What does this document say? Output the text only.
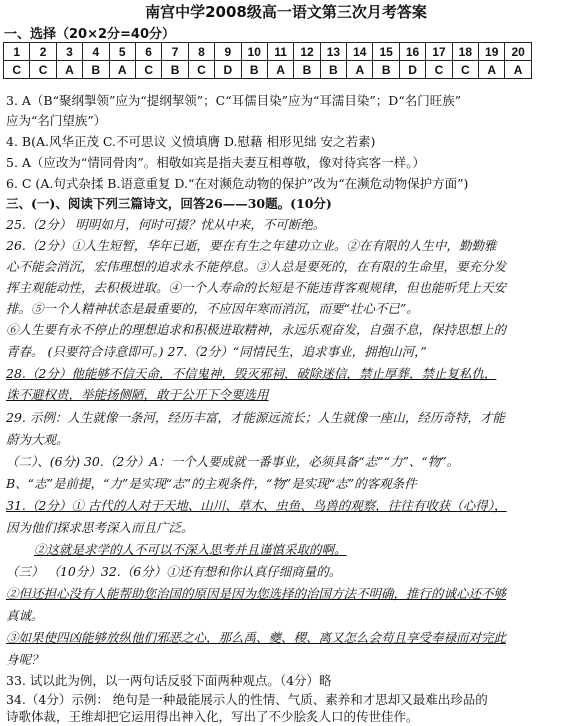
南宫中学2008级高一语文第三次月考答案
一、选择（20×2分=40分）
1	2	3	4	5	6	7	8	9	10	11	12	13	14	15	16	17	18	19	20
C	C	A	B	A	C	B	C	D	B	A	B	B	A	B	D	C	C	A	A
3. A（B“聚纲掣领”应为“提纲挈领”；C“耳儒目染”应为“耳濡目染”；D“名门旺族”
应为“名门望族”）
4. B(A.风华正茂 C.不可思议 义愤填膺 D.慰藉 相形见绌 安之若素)
5. A（应改为“情同骨肉”。相敬如宾是指夫妻互相尊敬，像对待宾客一样。）
6. C (A.句式杂揉 B.语意重复 D.“在对濒危动物的保护”改为“在濒危动物保护方面”)
三、(一)、阅读下列三篇诗文，回答26——30题。(10分)
25.（2分） 明明如月，何时可掇？忧从中来，不可断绝。
26.（2分）①人生短暂，华年已逝，要在有生之年建功立业。②在有限的人生中，勤勤雅
心不能会消沉，宏伟理想的追求永不能停息。③人总是要死的，在有限的生命里，要充分发
挥主观能动性，去积极进取。④一个人寿命的长短是不能违背客观规律，但也能听凭上天安
排。⑤一个人精神状态是最重要的，不应因年寒而消沉，而要“壮心不已”。
⑥人生要有永不停止的理想追求和积极进取精神，永远乐观奋发，自强不息，保持思想上的
青春。 (只要符合诗意即可。) 27.（2分）“同情民生，追求事业，拥抱山河，”
28.（2分）他能够不信天命，不信鬼神，毁灭邪祠，破除迷信，禁止厚葬，禁止复私仇，
诛不避权贵，举能扬侧陋，敢于公开下令要选用
29. 示例：人生就像一条河，经历丰富，才能源远流长；人生就像一座山，经历奇特，才能
蔚为大观。
（二）、(6分) 30.（2分）A：一个人要成就一番事业，必须具备“志”“力”、“物”。
B、“志”是前提，“力”是实现“志”的主观条件，“物”是实现“志”的客观条件
31.（2分）① 古代的人对于天地、山川、草木、虫鱼、鸟兽的观察，往往有收获（心得），
因为他们探求思考深入而且广泛。
②这就是求学的人不可以不深入思考并且谨慎采取的啊。
（三） （10分）32.（6分）①还有想和你认真仔细商量的。
②但还担心没有人能帮助您治国的原因是因为您选择的治国方法不明确，推行的诚心还不够
真诚。
③如果使四凶能够放纵他们邪恶之心，那么禹、夔、稷、离又怎么会苟且享受奉禄而对完此
身呢？
33. 试以此为例，以一两句话反驳下面两种观点。（4分）略
34.（4分）示例： 绝句是一种最能展示人的性情、气质、素养和才思却又最难出珍品的
诗歌体裁，王维却把它运用得出神入化，写出了不少脍炙人口的传世佳作。
